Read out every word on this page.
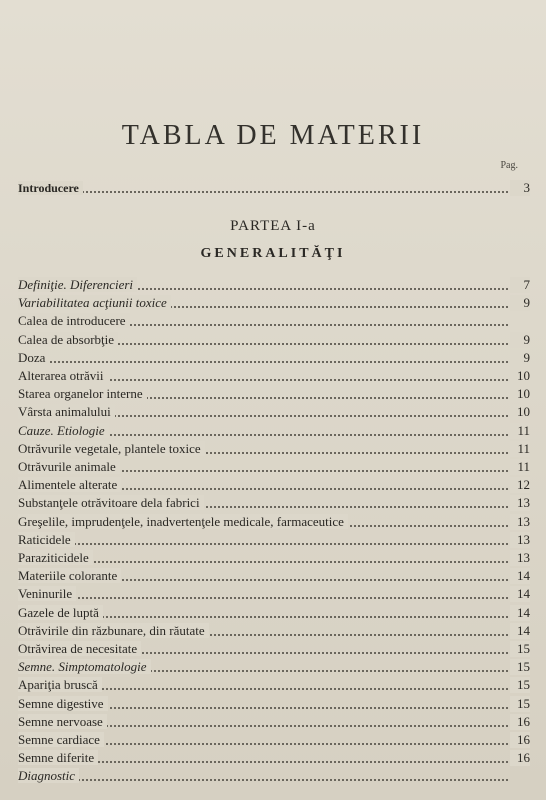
TABLA DE MATERII
Pag.
Introducere	3
PARTEA I-a
GENERALITĂŢI
Definiţie. Diferencieri	7
Variabilitatea acţiunii toxice	9
Calea de introducere
Calea de absorbţie	9
Doza	9
Alterarea otrăvii	10
Starea organelor interne	10
Vârsta animalului	10
Cauze. Etiologie	11
Otrăvurile vegetale, plantele toxice	11
Otrăvurile animale	11
Alimentele alterate	12
Substanţele otrăvitoare dela fabrici	13
Greşelile, imprudenţele, inadvertenţele medicale, farmaceutice	13
Raticidele	13
Paraziticidele	13
Materiile colorante	14
Veninurile	14
Gazele de luptă	14
Otrăvirile din răzbunare, din răutate	14
Otrăvirea de necesitate	15
Semne. Simptomatologie	15
Apariţia bruscă	15
Semne digestive	15
Semne nervoase	16
Semne cardiace	16
Semne diferite	16
Diagnostic
